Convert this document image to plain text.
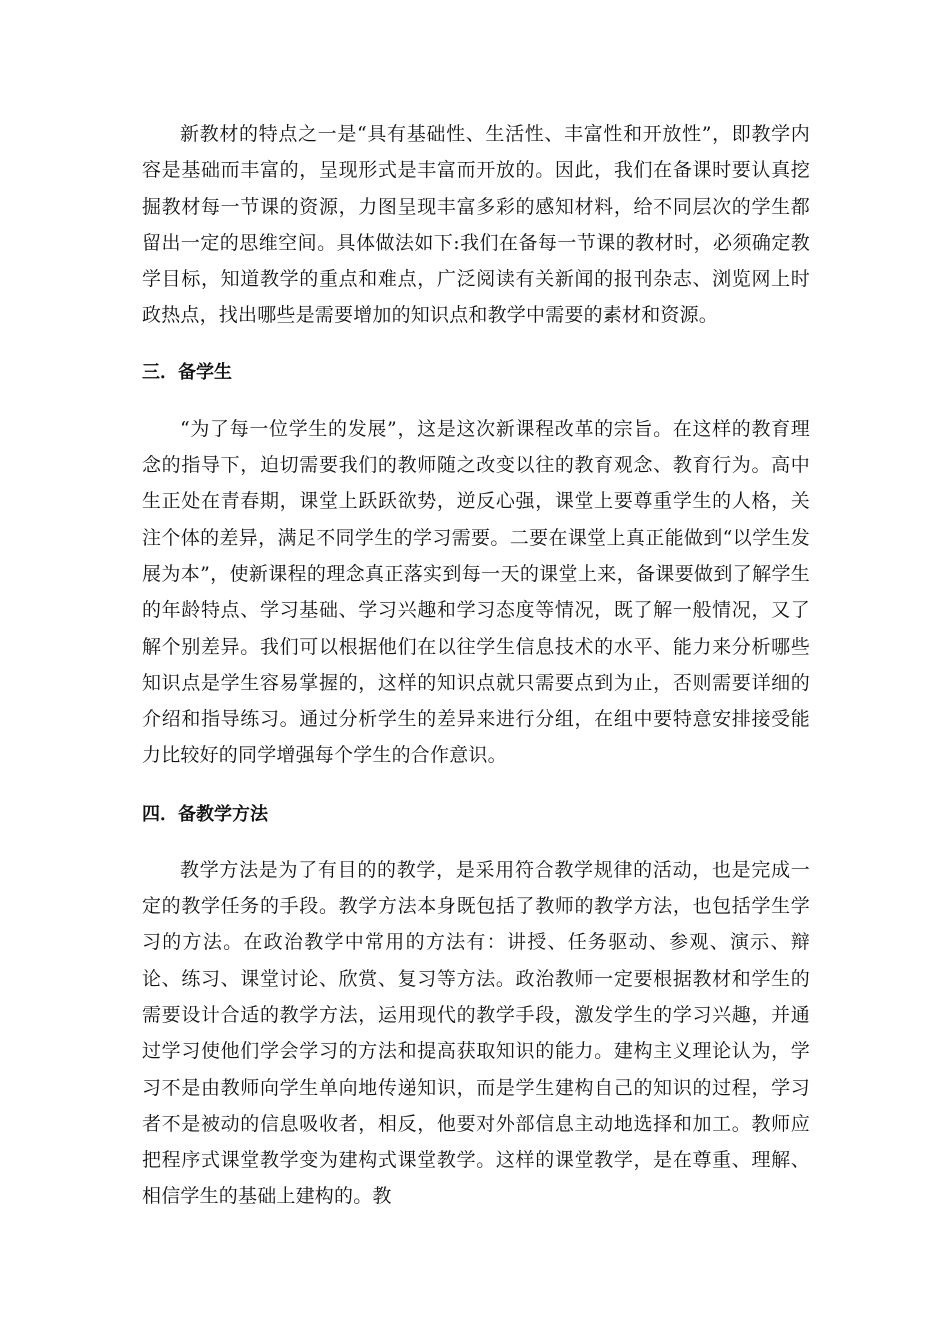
新教材的特点之一是“具有基础性、生活性、丰富性和开放性”，即教学内容是基础而丰富的，呈现形式是丰富而开放的。因此，我们在备课时要认真挖掘教材每一节课的资源，力图呈现丰富多彩的感知材料，给不同层次的学生都留出一定的思维空间。具体做法如下:我们在备每一节课的教材时，必须确定教学目标，知道教学的重点和难点，广泛阅读有关新闻的报刊杂志、浏览网上时政热点，找出哪些是需要增加的知识点和教学中需要的素材和资源。

三．备学生

“为了每一位学生的发展”，这是这次新课程改革的宗旨。在这样的教育理念的指导下，迫切需要我们的教师随之改变以往的教育观念、教育行为。高中生正处在青春期，课堂上跃跃欲势，逆反心强，课堂上要尊重学生的人格，关注个体的差异，满足不同学生的学习需要。二要在课堂上真正能做到“以学生发展为本”，使新课程的理念真正落实到每一天的课堂上来，备课要做到了解学生的年龄特点、学习基础、学习兴趣和学习态度等情况，既了解一般情况，又了解个别差异。我们可以根据他们在以往学生信息技术的水平、能力来分析哪些知识点是学生容易掌握的，这样的知识点就只需要点到为止，否则需要详细的介绍和指导练习。通过分析学生的差异来进行分组，在组中要特意安排接受能力比较好的同学增强每个学生的合作意识。

四．备教学方法

教学方法是为了有目的的教学，是采用符合教学规律的活动，也是完成一定的教学任务的手段。教学方法本身既包括了教师的教学方法，也包括学生学习的方法。在政治教学中常用的方法有：讲授、任务驱动、参观、演示、辩论、练习、课堂讨论、欣赏、复习等方法。政治教师一定要根据教材和学生的需要设计合适的教学方法，运用现代的教学手段，激发学生的学习兴趣，并通过学习使他们学会学习的方法和提高获取知识的能力。建构主义理论认为，学习不是由教师向学生单向地传递知识，而是学生建构自己的知识的过程，学习者不是被动的信息吸收者，相反，他要对外部信息主动地选择和加工。教师应把程序式课堂教学变为建构式课堂教学。这样的课堂教学，是在尊重、理解、相信学生的基础上建构的。教
